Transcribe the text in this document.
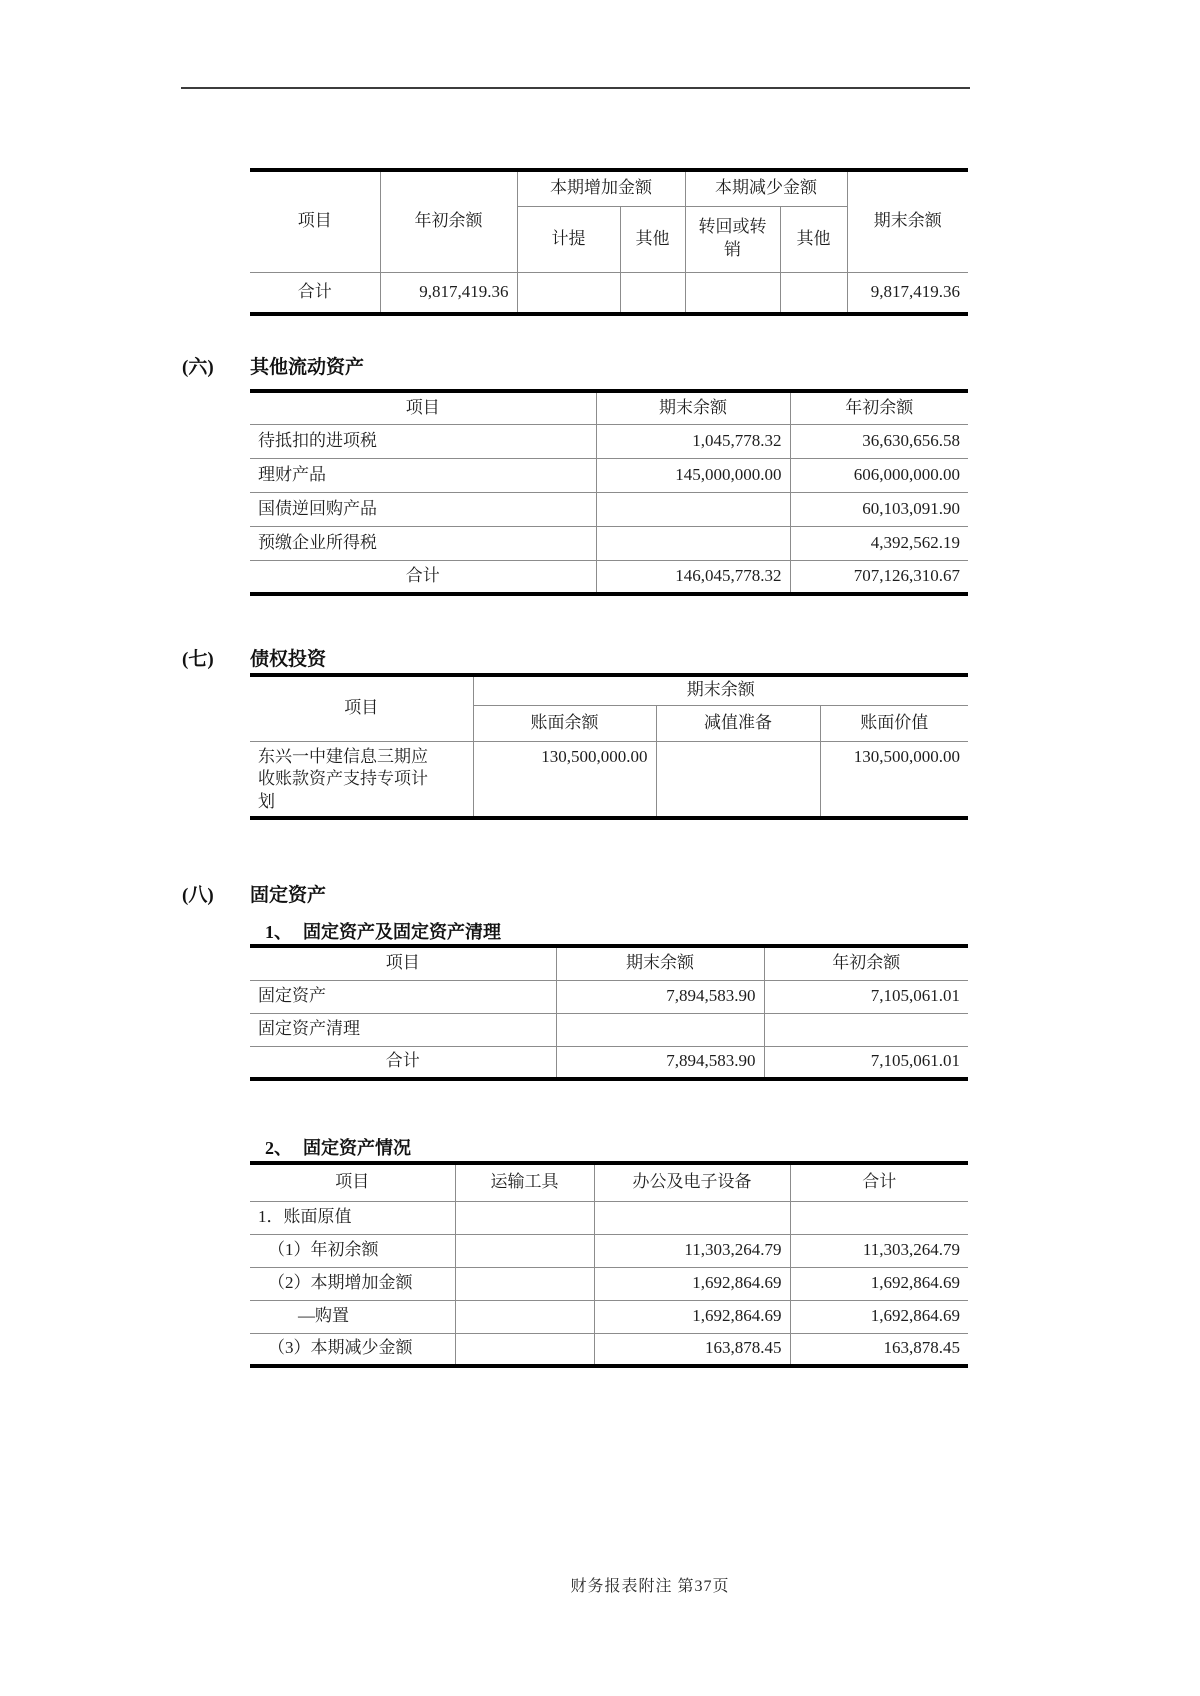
项目	年初余额	本期增加金额		本期减少金额		期末余额
		计提	其他	转回或转销	其他	
合计	9,817,419.36					9,817,419.36
(六)	其他流动资产
项目	期末余额	年初余额
待抵扣的进项税	1,045,778.32	36,630,656.58
理财产品	145,000,000.00	606,000,000.00
国债逆回购产品		60,103,091.90
预缴企业所得税		4,392,562.19
合计	146,045,778.32	707,126,310.67
(七)	债权投资
项目	期末余额		
	账面余额	减值准备	账面价值

东兴一中建信息三期应收账款资产支持专项计划	130,500,000.00		130,500,000.00
(八)	固定资产
1、 固定资产及固定资产清理
项目	期末余额	年初余额
固定资产	7,894,583.90	7,105,061.01
固定资产清理		
合计	7,894,583.90	7,105,061.01
2、 固定资产情况
项目	运输工具	办公及电子设备	合计
1．账面原值			
（1）年初余额		11,303,264.79	11,303,264.79
（2）本期增加金额		1,692,864.69	1,692,864.69
—购置		1,692,864.69	1,692,864.69
（3）本期减少金额		163,878.45	163,878.45
财务报表附注 第37页
